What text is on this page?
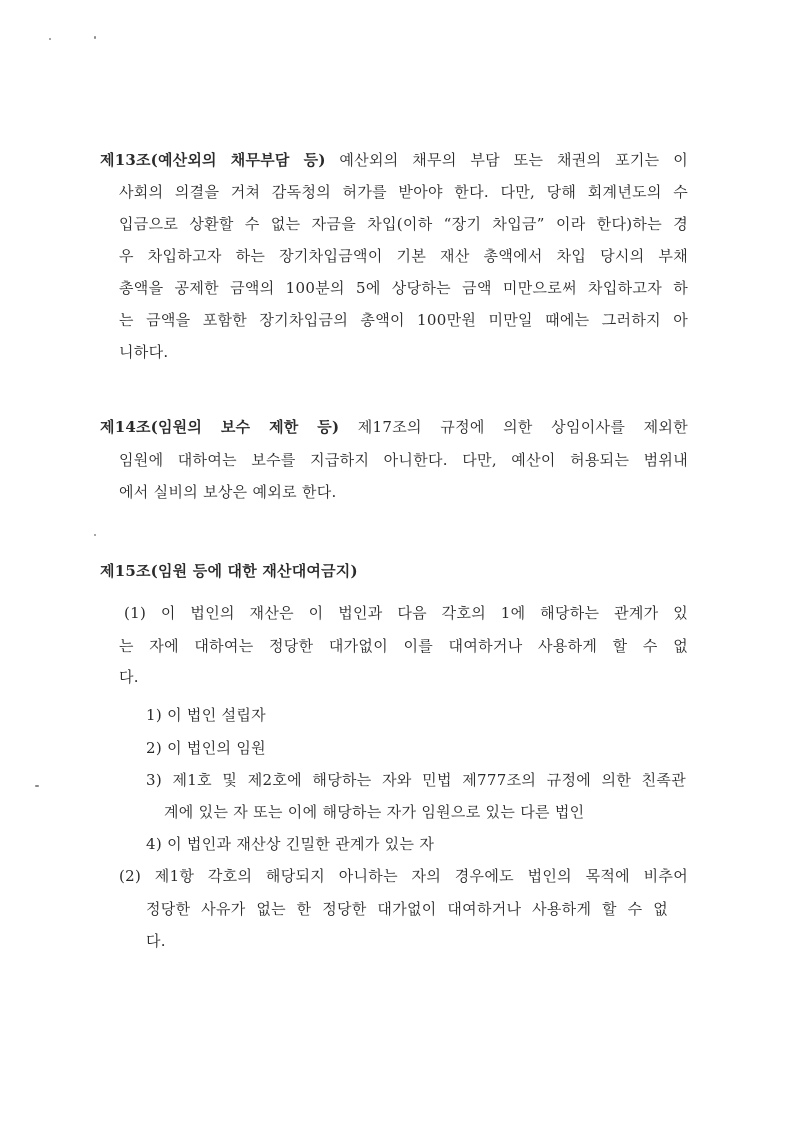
제13조(예산외의 채무부담 등) 예산외의 채무의 부담 또는 채권의 포기는 이
사회의 의결을 거쳐 감독청의 허가를 받아야 한다. 다만, 당해 회계년도의 수
입금으로 상환할 수 없는 자금을 차입(이하 “장기 차입금” 이라 한다)하는 경
우 차입하고자 하는 장기차입금액이 기본 재산 총액에서 차입 당시의 부채
총액을 공제한 금액의 100분의 5에 상당하는 금액 미만으로써 차입하고자 하
는 금액을 포함한 장기차입금의 총액이 100만원 미만일 때에는 그러하지 아
니하다.
제14조(임원의 보수 제한 등) 제17조의 규정에 의한 상임이사를 제외한
임원에 대하여는 보수를 지급하지 아니한다. 다만, 예산이 허용되는 범위내
에서 실비의 보상은 예외로 한다.
제15조(임원 등에 대한 재산대여금지)
(1) 이 법인의 재산은 이 법인과 다음 각호의 1에 해당하는 관계가 있
는 자에 대하여는 정당한 대가없이 이를 대여하거나 사용하게 할 수 없
다.
1) 이 법인 설립자
2) 이 법인의 임원
3) 제1호 및 제2호에 해당하는 자와 민법 제777조의 규정에 의한 친족관
계에 있는 자 또는 이에 해당하는 자가 임원으로 있는 다른 법인
4) 이 법인과 재산상 긴밀한 관계가 있는 자
(2) 제1항 각호의 해당되지 아니하는 자의 경우에도 법인의 목적에 비추어
정당한 사유가 없는 한 정당한 대가없이 대여하거나 사용하게 할 수 없
다.
